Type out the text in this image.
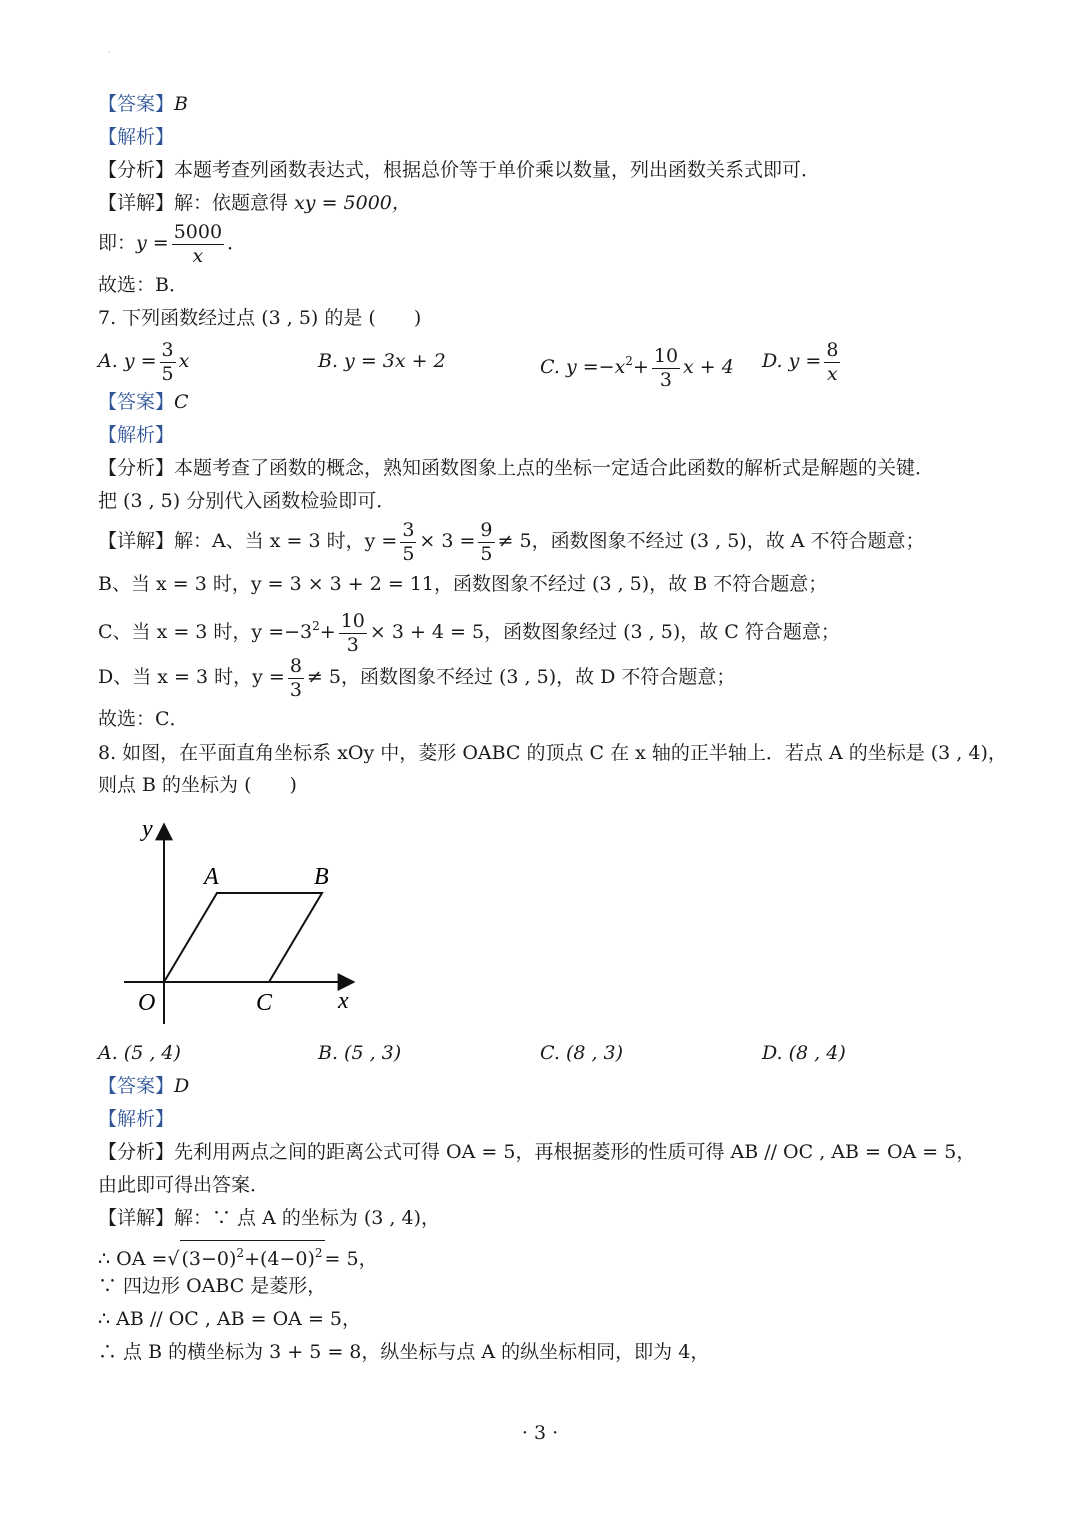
·
【答案】B
【解析】
【分析】本题考查列函数表达式，根据总价等于单价乘以数量，列出函数关系式即可．
【详解】解：依题意得 xy = 5000，
即：$y = \frac{5000}{x}$ ．
故选：B．
7. 下列函数经过点 (3 , 5) 的是 (　　)
A. $y = \frac{3}{5}$ x	B. y = 3x + 2	C. $y =-x^2+ \frac{10}{3}$ x + 4 D. $y = \frac{8}{x}$
【答案】C
【解析】
【分析】本题考查了函数的概念，熟知函数图象上点的坐标一定适合此函数的解析式是解题的关键．
把 (3 , 5) 分别代入函数检验即可．
【详解】解：A、当 x = 3 时，$y = \frac{3}{5} \times 3 = \frac{9}{5} \ne 5$，函数图象不经过 (3 , 5)，故 A 不符合题意；
B、当 x = 3 时，y = 3 × 3 + 2 = 11，函数图象不经过 (3 , 5)，故 B 不符合题意；
C、当 x = 3 时，$y =-3^2+ \frac{10}{3} \times 3 + 4 = 5$，函数图象经过 (3 , 5)，故 C 符合题意；
D、当 x = 3 时，$y = \frac{8}{3} \ne 5$，函数图象不经过 (3 , 5)，故 D 不符合题意；
故选：C．
8. 如图，在平面直角坐标系 xOy 中，菱形 OABC 的顶点 C 在 x 轴的正半轴上．若点 A 的坐标是 (3 , 4)，
则点 B 的坐标为 (　　)
y
x
O
A	B
C
A. (5 , 4)	B. (5 , 3)	C. (8 , 3)	D. (8 , 4)
【答案】D
【解析】
【分析】先利用两点之间的距离公式可得 OA = 5，再根据菱形的性质可得 AB // OC , AB = OA = 5，
由此即可得出答案．
【详解】解：∵ 点 A 的坐标为 (3 , 4)，
∴ OA =√ $(3-0)^2+(4-0)^2 = 5$，
∵ 四边形 OABC 是菱形，
∴ AB // OC , AB = OA = 5，
∴ 点 B 的横坐标为 3 + 5 = 8，纵坐标与点 A 的纵坐标相同，即为 4，
· 3 ·
